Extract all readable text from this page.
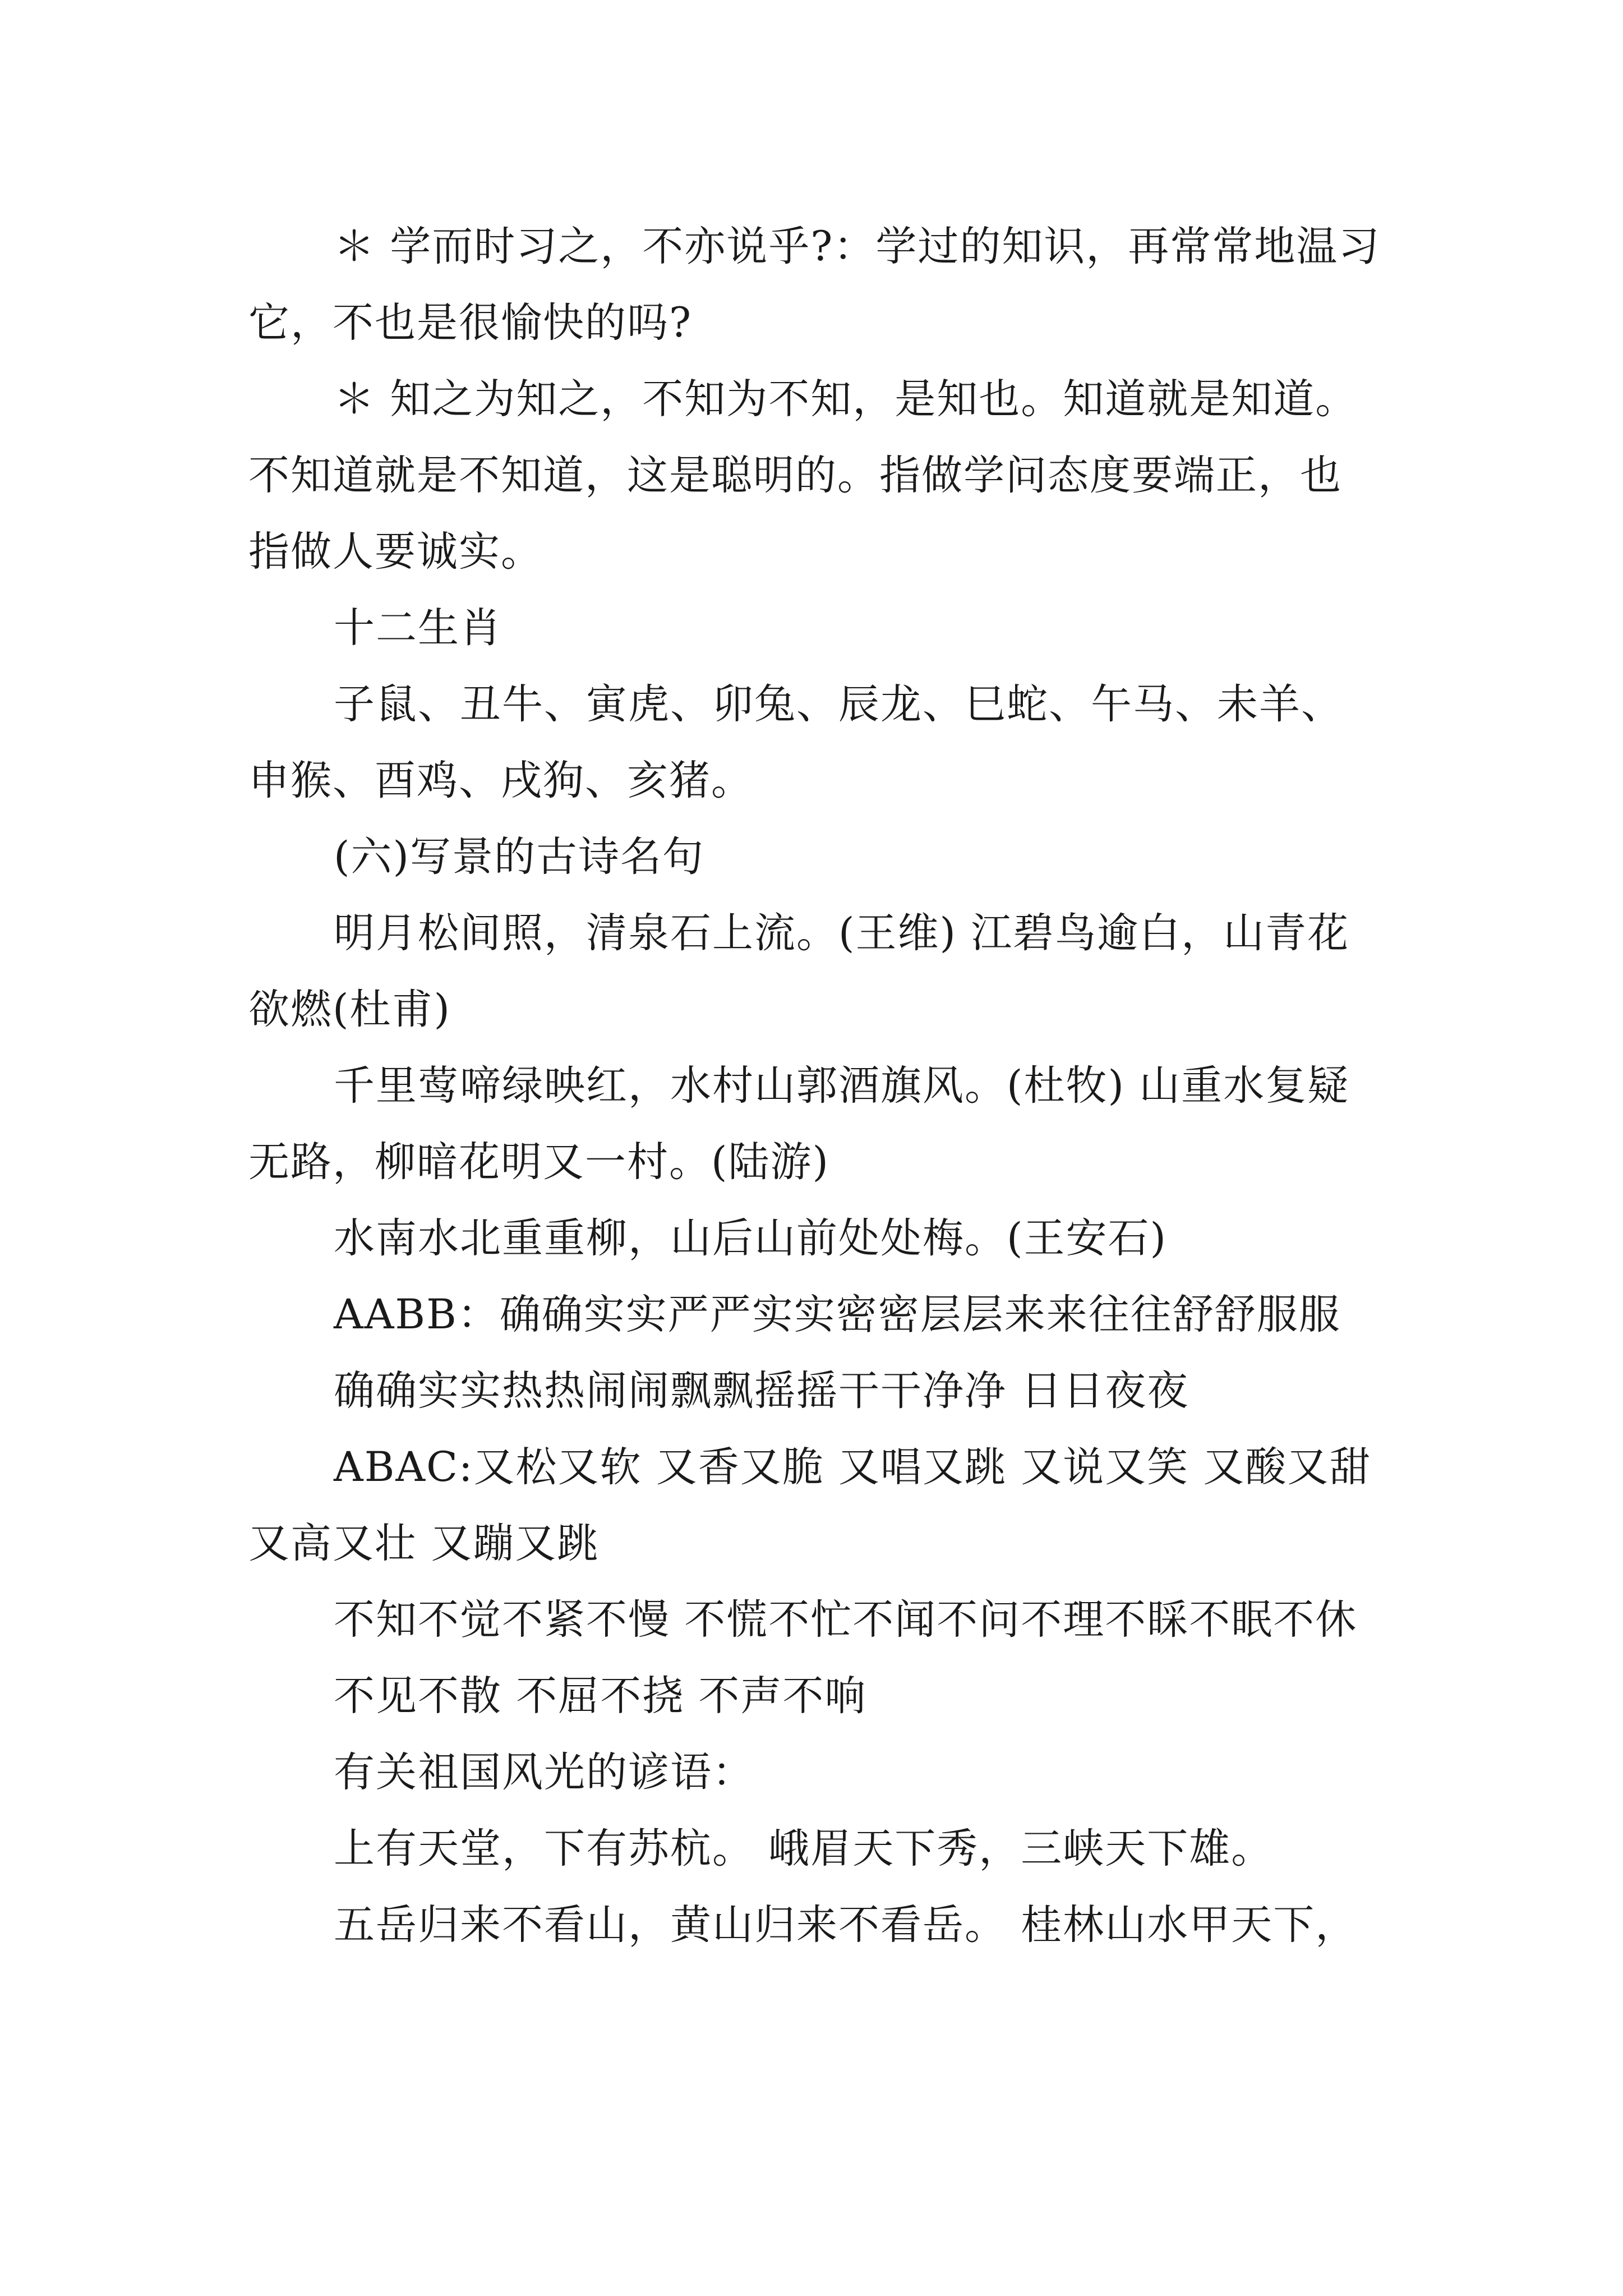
＊ 学而时习之，不亦说乎?：学过的知识，再常常地温习它，不也是很愉快的吗?

＊ 知之为知之，不知为不知，是知也。知道就是知道。不知道就是不知道，这是聪明的。指做学问态度要端正，也指做人要诚实。

十二生肖

子鼠、丑牛、寅虎、卯兔、辰龙、巳蛇、午马、未羊、申猴、酉鸡、戌狗、亥猪。

(六)写景的古诗名句

明月松间照，清泉石上流。(王维) 江碧鸟逾白，山青花欲燃(杜甫)

千里莺啼绿映红，水村山郭酒旗风。(杜牧) 山重水复疑无路，柳暗花明又一村。(陆游)

水南水北重重柳，山后山前处处梅。(王安石)

AABB：确确实实严严实实密密层层来来往往舒舒服服

确确实实热热闹闹飘飘摇摇干干净净 日日夜夜

ABAC:又松又软 又香又脆 又唱又跳 又说又笑 又酸又甜 又高又壮 又蹦又跳

不知不觉不紧不慢 不慌不忙不闻不问不理不睬不眠不休

不见不散 不屈不挠 不声不响

有关祖国风光的谚语：

上有天堂，下有苏杭。 峨眉天下秀，三峡天下雄。

五岳归来不看山，黄山归来不看岳。 桂林山水甲天下，
